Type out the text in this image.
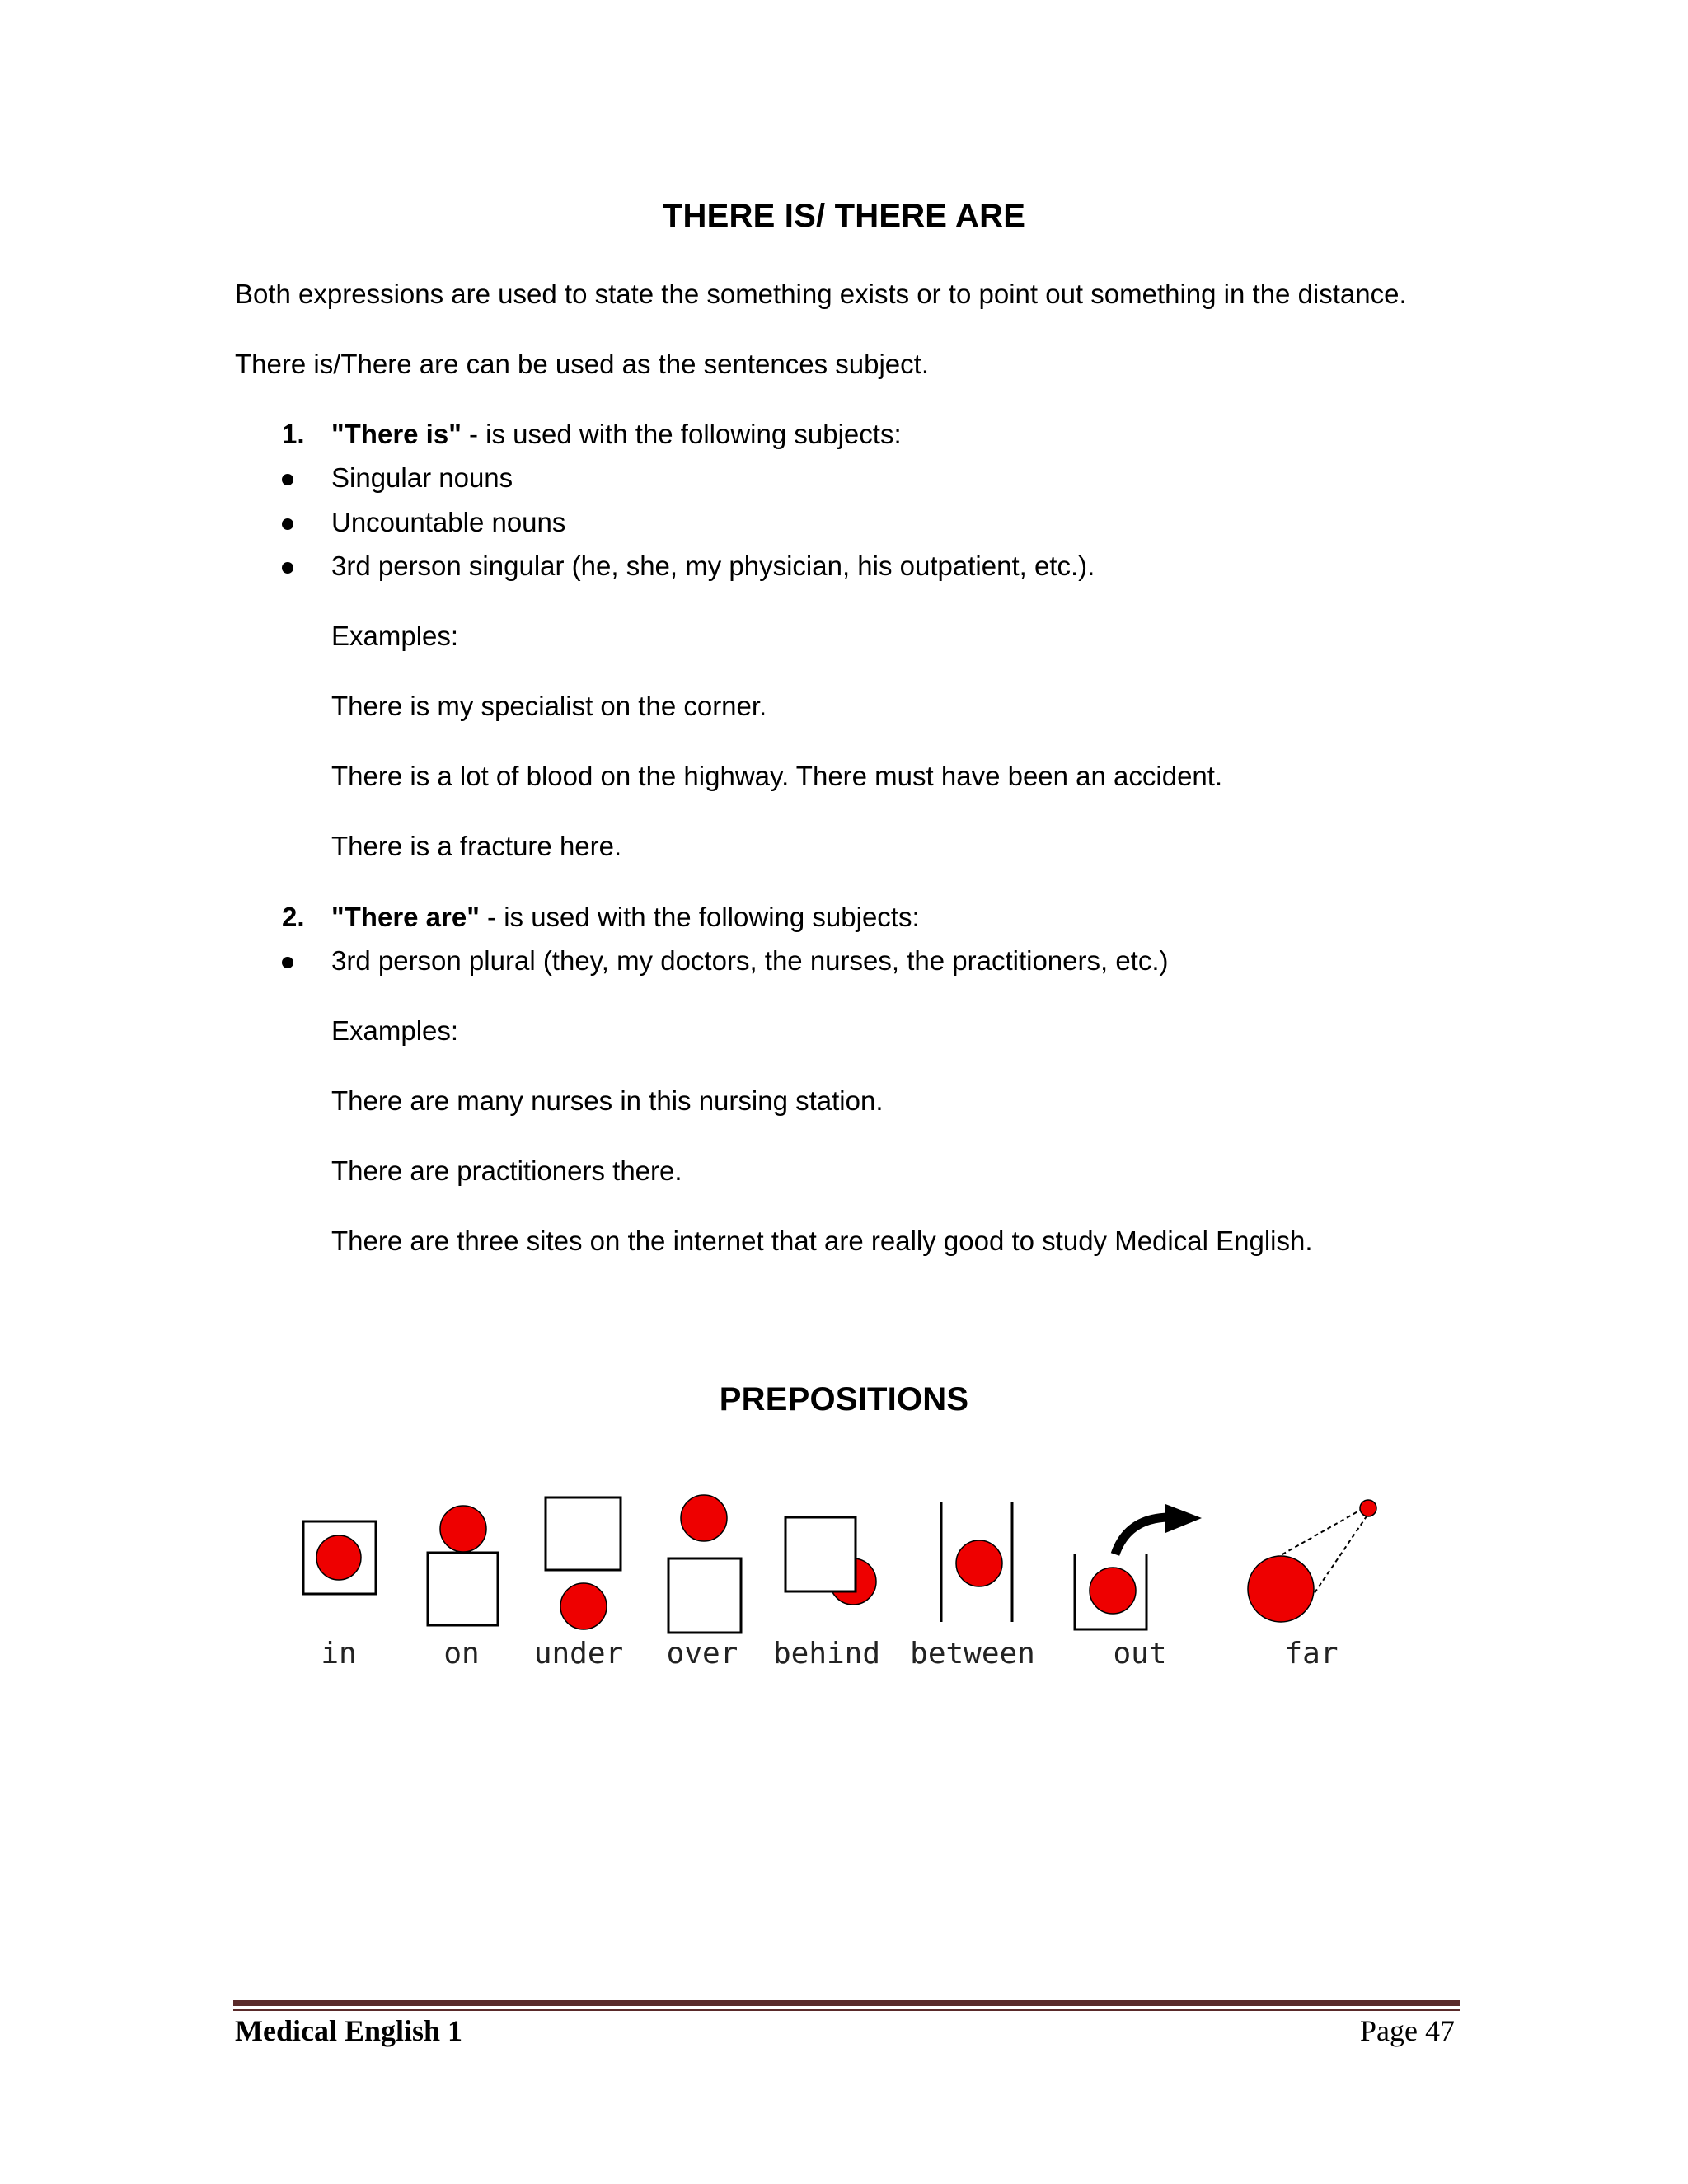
THERE IS/ THERE ARE

Both expressions are used to state the something exists or to point out something in the distance.

There is/There are can be used as the sentences subject.

1. "There is" - is used with the following subjects:
Singular nouns
Uncountable nouns
3rd person singular (he, she, my physician, his outpatient, etc.).
Examples:
There is my specialist on the corner.
There is a lot of blood on the highway. There must have been an accident.
There is a fracture here.
2. "There are" - is used with the following subjects:
3rd person plural (they, my doctors, the nurses, the practitioners, etc.)
Examples:
There are many nurses in this nursing station.
There are practitioners there.
There are three sites on the internet that are really good to study Medical English.
PREPOSITIONS
in	on under over behind between	out	far
Medical English 1	Page 47
